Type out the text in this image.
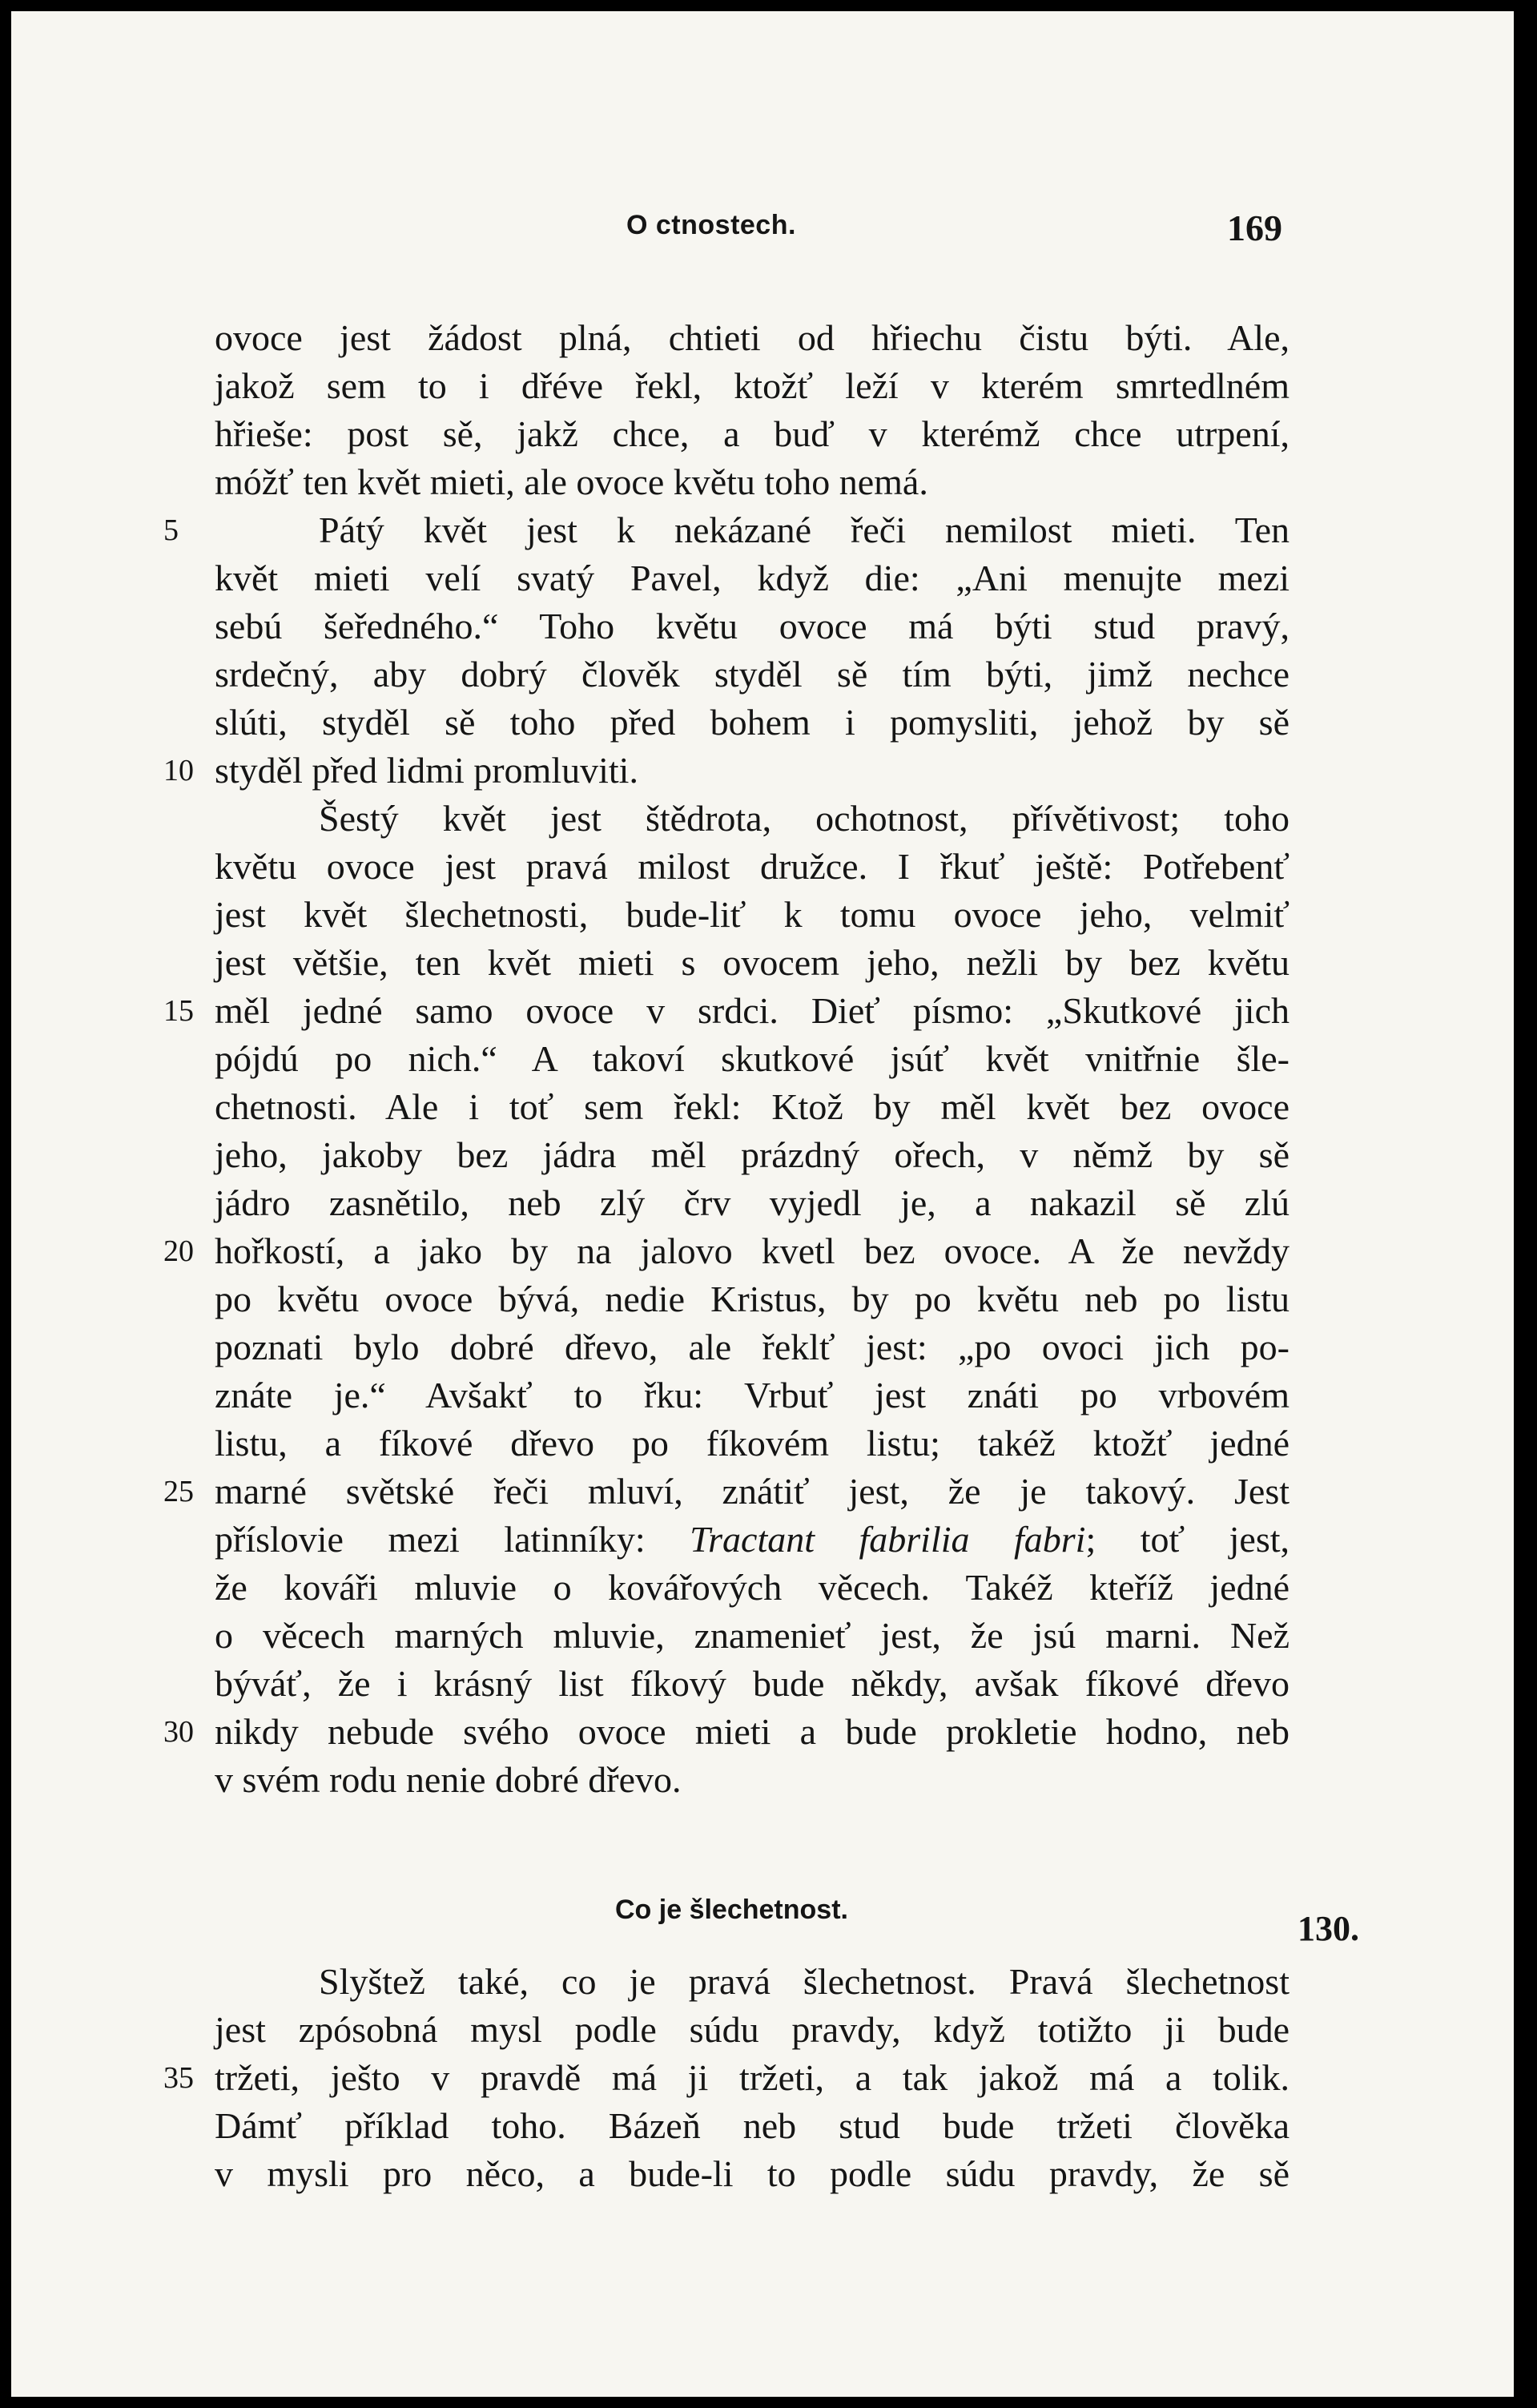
O ctnostech.	169
ovoce jest žádost plná, chtieti od hřiechu čistu býti. Ale,
jakož sem to i dřéve řekl, ktožť leží v kterém smrtedlném
hřieše: post sě, jakž chce, a buď v kterémž chce utrpení,
móžť ten květ mieti, ale ovoce květu toho nemá.
Pátý květ jest k nekázané řeči nemilost mieti. Ten
květ mieti velí svatý Pavel, když die: „Ani menujte mezi
sebú šeředného.“ Toho květu ovoce má býti stud pravý,
srdečný, aby dobrý člověk styděl sě tím býti, jimž nechce
slúti, styděl sě toho před bohem i pomysliti, jehož by sě
styděl před lidmi promluviti.
Šestý květ jest štědrota, ochotnost, přívětivost; toho
květu ovoce jest pravá milost družce. I řkuť ještě: Potřebenť
jest květ šlechetnosti, bude-liť k tomu ovoce jeho, velmiť
jest většie, ten květ mieti s ovocem jeho, nežli by bez květu
měl jedné samo ovoce v srdci. Dieť písmo: „Skutkové jich
pójdú po nich.“ A takoví skutkové jsúť květ vnitřnie šle-
chetnosti. Ale i toť sem řekl: Ktož by měl květ bez ovoce
jeho, jakoby bez jádra měl prázdný ořech, v němž by sě
jádro zasnětilo, neb zlý črv vyjedl je, a nakazil sě zlú
hořkostí, a jako by na jalovo kvetl bez ovoce. A že nevždy
po květu ovoce bývá, nedie Kristus, by po květu neb po listu
poznati bylo dobré dřevo, ale řeklť jest: „po ovoci jich po-
znáte je.“ Avšakť to řku: Vrbuť jest znáti po vrbovém
listu, a fíkové dřevo po fíkovém listu; takéž ktožť jedné
marné světské řeči mluví, znátiť jest, že je takový. Jest
příslovie mezi latinníky: Tractant fabrilia fabri; toť jest,
že kováři mluvie o kovářových věcech. Takéž kteříž jedné
o věcech marných mluvie, znamenieť jest, že jsú marni. Než
býváť, že i krásný list fíkový bude někdy, avšak fíkové dřevo
nikdy nebude svého ovoce mieti a bude prokletie hodno, neb
v svém rodu nenie dobré dřevo.
Co je šlechetnost.	130.
Slyštež také, co je pravá šlechetnost. Pravá šlechetnost
jest zpósobná mysl podle súdu pravdy, když totižto ji bude
tržeti, ješto v pravdě má ji tržeti, a tak jakož má a tolik.
Dámť příklad toho. Bázeň neb stud bude tržeti člověka
v mysli pro něco, a bude-li to podle súdu pravdy, že sě
5
10
15
20
25
30
35
